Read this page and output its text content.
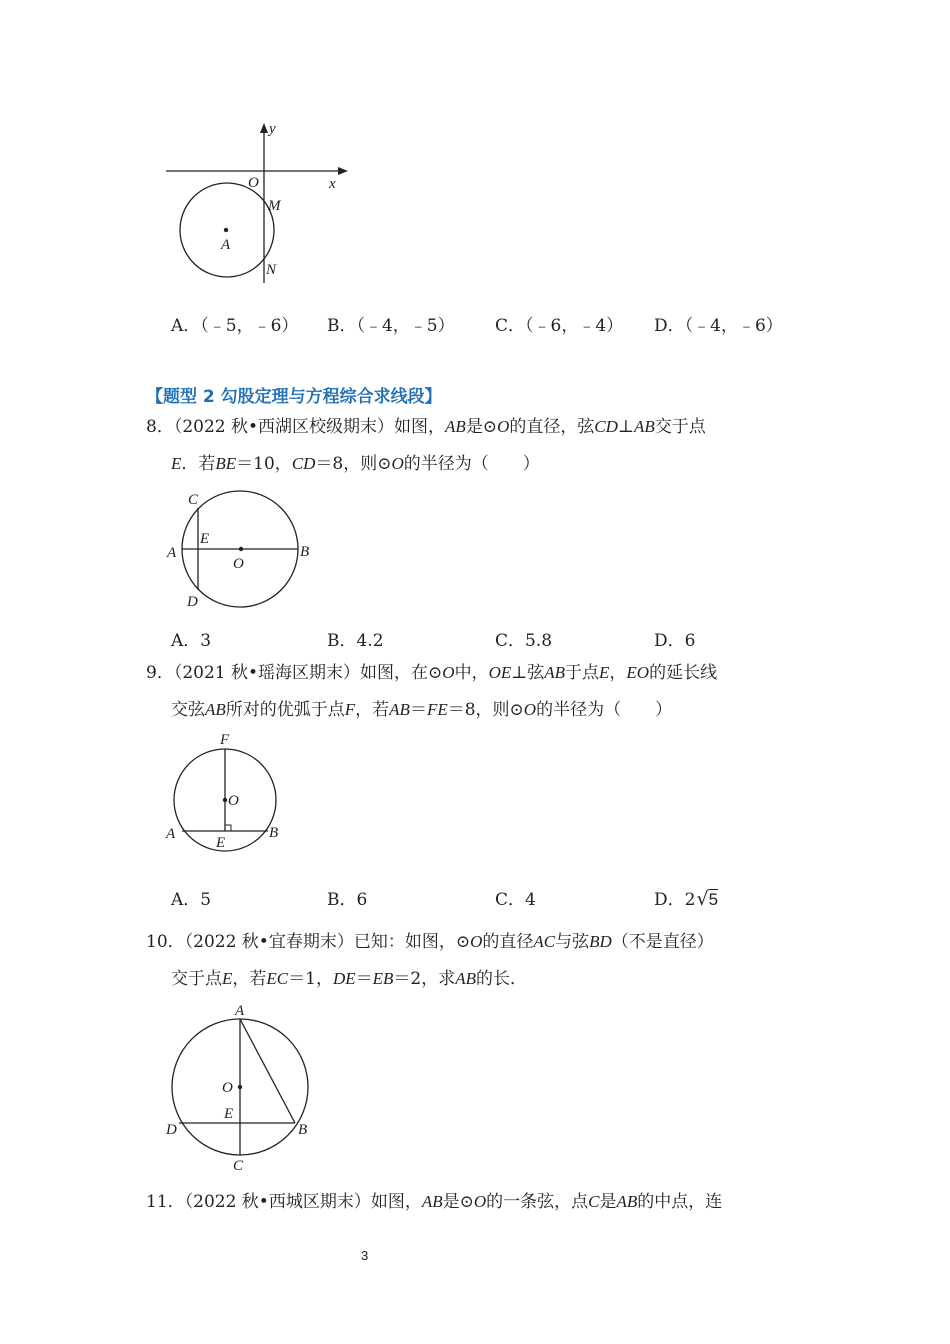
y
x
O
M
A
N
A．（﹣5，﹣6） B．（﹣4，﹣5） C．（﹣6，﹣4） D．（﹣4，﹣6）
【题型 2 勾股定理与方程综合求线段】
8．（2022 秋•西湖区校级期末）如图，AB是⊙O的直径，弦CD⊥AB交于点
E．若BE＝10，CD＝8，则⊙O的半径为（　　）
C
E
A
O
B
D
A．3	B．4.2	C．5.8	D．6
9．（2021 秋•瑶海区期末）如图，在⊙O中，OE⊥弦AB于点E，EO的延长线
交弦AB所对的优弧于点F，若AB＝FE＝8，则⊙O的半径为（　　）
F
O
A	B
E
A．5	B．6	C．4	D．2√5
10．（2022 秋•宜春期末）已知：如图，⊙O的直径AC与弦BD（不是直径）
交于点E，若EC＝1，DE＝EB＝2，求AB的长．
A
O
E
D	B
C
11．（2022 秋•西城区期末）如图，AB是⊙O的一条弦，点C是AB的中点，连
3
